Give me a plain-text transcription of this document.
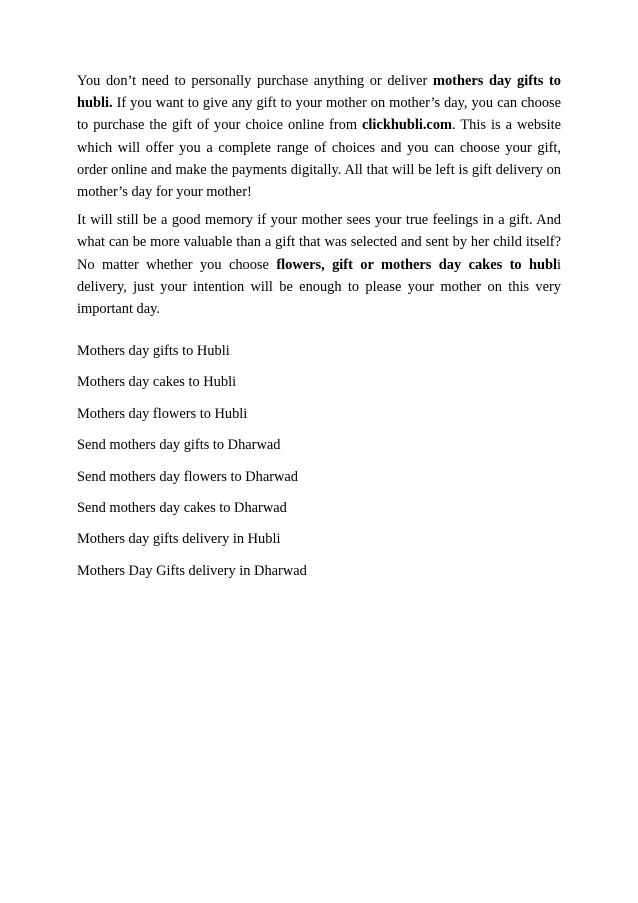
You don’t need to personally purchase anything or deliver mothers day gifts to hubli. If you want to give any gift to your mother on mother’s day, you can choose to purchase the gift of your choice online from clickhubli.com. This is a website which will offer you a complete range of choices and you can choose your gift, order online and make the payments digitally. All that will be left is gift delivery on mother’s day for your mother!

It will still be a good memory if your mother sees your true feelings in a gift. And what can be more valuable than a gift that was selected and sent by her child itself? No matter whether you choose flowers, gift or mothers day cakes to hubli delivery, just your intention will be enough to please your mother on this very important day.

Mothers day gifts to Hubli
Mothers day cakes to Hubli
Mothers day flowers to Hubli
Send mothers day gifts to Dharwad
Send mothers day flowers to Dharwad
Send mothers day cakes to Dharwad
Mothers day gifts delivery in Hubli
Mothers Day Gifts delivery in Dharwad
